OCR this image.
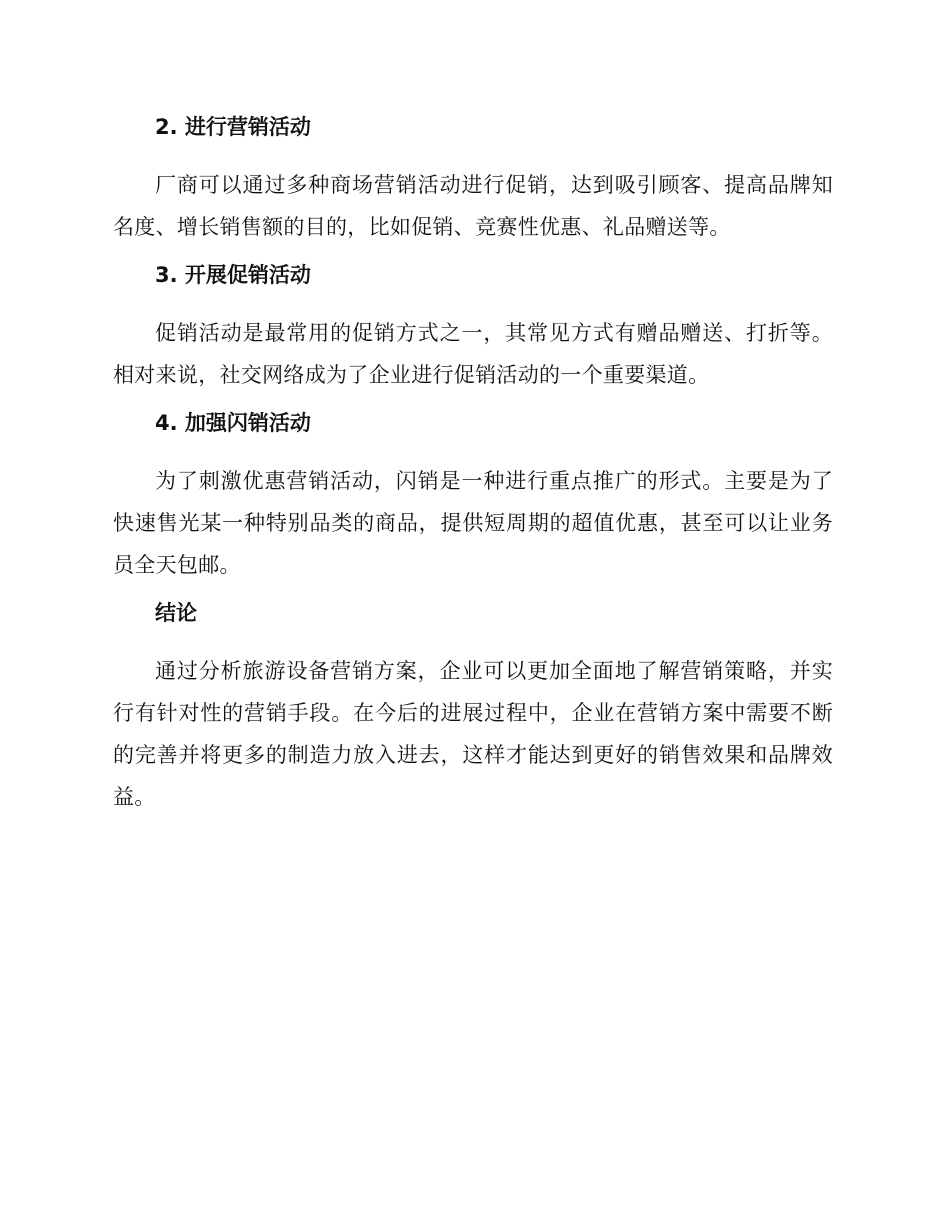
2. 进行营销活动

厂商可以通过多种商场营销活动进行促销，达到吸引顾客、提高品牌知名度、增长销售额的目的，比如促销、竞赛性优惠、礼品赠送等。

3. 开展促销活动

促销活动是最常用的促销方式之一，其常见方式有赠品赠送、打折等。相对来说，社交网络成为了企业进行促销活动的一个重要渠道。

4. 加强闪销活动

为了刺激优惠营销活动，闪销是一种进行重点推广的形式。主要是为了快速售光某一种特别品类的商品，提供短周期的超值优惠，甚至可以让业务员全天包邮。

结论

通过分析旅游设备营销方案，企业可以更加全面地了解营销策略，并实行有针对性的营销手段。在今后的进展过程中，企业在营销方案中需要不断的完善并将更多的制造力放入进去，这样才能达到更好的销售效果和品牌效益。
